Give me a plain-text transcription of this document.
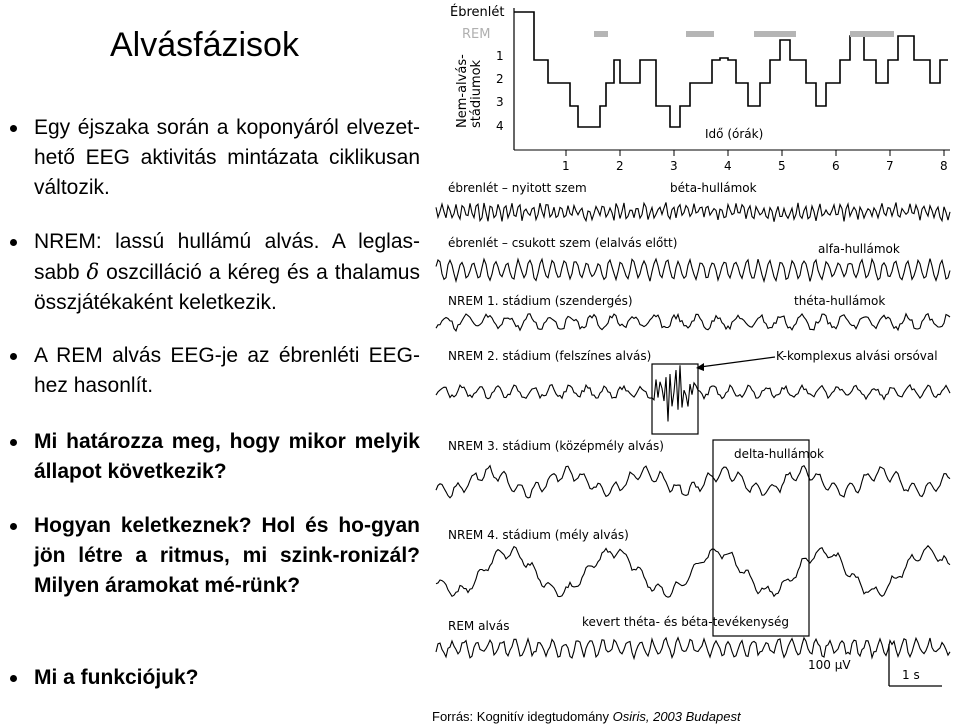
Alvásfázisok
Egy éjszaka során a koponyáról elvezet-hető EEG aktivitás mintázata ciklikusan változik.
NREM: lassú hullámú alvás. A leglas-sabb δ oszcilláció a kéreg és a thalamus összjátékaként keletkezik.
A REM alvás EEG-je az ébrenléti EEG-hez hasonlít.
Mi határozza meg, hogy mikor melyik állapot következik?
Hogyan keletkeznek? Hol és ho-gyan jön létre a ritmus, mi szink-ronizál? Milyen áramokat mé-rünk?
Mi a funkciójuk?
Ébrenlét
REM
1
2
3
4
Nem-alvás- stádiumok
Idő (órák)
1	2	3	4	5	6	7	8
ébrenlét – nyitott szem	béta-hullámok
ébrenlét – csukott szem (elalvás előtt)	alfa-hullámok
NREM 1. stádium (szendergés)	théta-hullámok
NREM 2. stádium (felszínes alvás)	K-komplexus alvási orsóval
NREM 3. stádium (középmély alvás)
delta-hullámok
NREM 4. stádium (mély alvás)
REM alvás	kevert théta- és béta-tevékenység
100 μV
1 s
Forrás: Kognitív idegtudomány Osiris, 2003 Budapest
